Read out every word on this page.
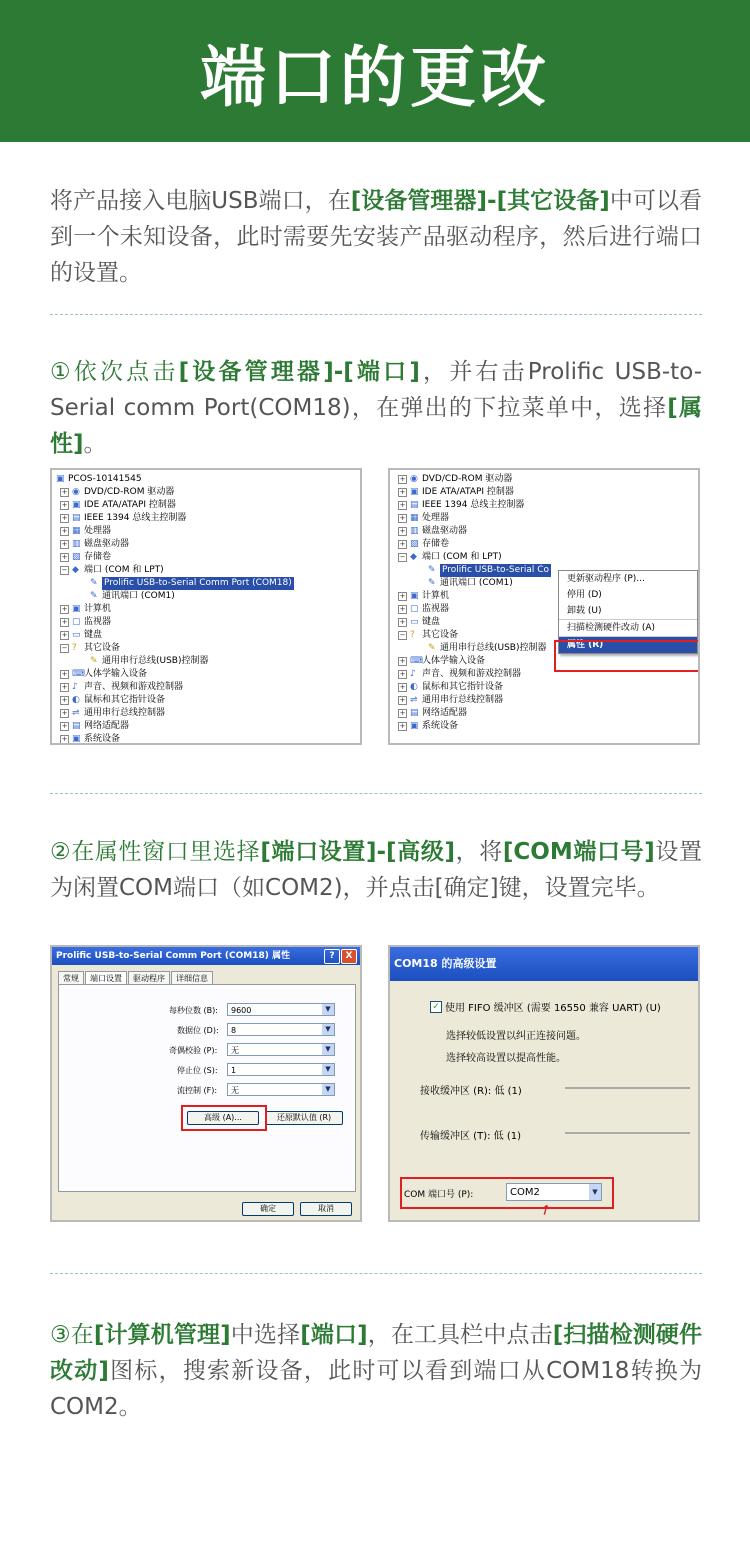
端口的更改
将产品接入电脑USB端口，在[设备管理器]-[其它设备]中可以看到一个未知设备，此时需要先安装产品驱动程序，然后进行端口的设置。
①依次点击[设备管理器]-[端口]，并右击Prolific USB-to-Serial comm Port(COM18)，在弹出的下拉菜单中，选择[属性]。
▣ PCOS-10141545
+ ◉ DVD/CD-ROM 驱动器
+ ▣ IDE ATA/ATAPI 控制器
+ ▤ IEEE 1394 总线主控制器
+ ▦ 处理器
+ ▥ 磁盘驱动器
+ ▧ 存储卷
− ◆ 端口 (COM 和 LPT)
✎ Prolific USB-to-Serial Comm Port (COM18)
✎ 通讯端口 (COM1)
+ ▣ 计算机
+ ▢ 监视器
+ ▭ 键盘
− ? 其它设备
✎ 通用串行总线(USB)控制器
+ ⌨ 人体学输入设备
+ ♪ 声音、视频和游戏控制器
+ ◐ 鼠标和其它指针设备
+ ⇌ 通用串行总线控制器
+ ▤ 网络适配器
+ ▣ 系统设备
+ ◉ DVD/CD-ROM 驱动器
+ ▣ IDE ATA/ATAPI 控制器
+ ▤ IEEE 1394 总线主控制器
+ ▦ 处理器
+ ▥ 磁盘驱动器
+ ▧ 存储卷
− ◆ 端口 (COM 和 LPT)
✎ Prolific USB-to-Serial Co
✎ 通讯端口 (COM1)
+ ▣ 计算机
+ ▢ 监视器
+ ▭ 键盘
− ? 其它设备
✎ 通用串行总线(USB)控制器
+ ⌨ 人体学输入设备
+ ♪ 声音、视频和游戏控制器
+ ◐ 鼠标和其它指针设备
+ ⇌ 通用串行总线控制器
+ ▤ 网络适配器
+ ▣ 系统设备
更新驱动程序 (P)...
停用 (D)
卸载 (U)
扫描检测硬件改动 (A)
属性 (R)
②在属性窗口里选择[端口设置]-[高级]，将[COM端口号]设置为闲置COM端口（如COM2)，并点击[确定]键，设置完毕。
Prolific USB-to-Serial Comm Port (COM18) 属性	?	X
常规 端口设置 驱动程序 详细信息
每秒位数 (B):	9600	▼
数据位 (D):	8	▼
奇偶校验 (P):	无	▼
停止位 (S):	1	▼
流控制 (F):	无	▼
高级 (A)...	还原默认值 (R)
确定	取消
COM18 的高级设置
✓ 使用 FIFO 缓冲区 (需要 16550 兼容 UART) (U)
选择较低设置以纠正连接问题。
选择较高设置以提高性能。
接收缓冲区 (R): 低 (1)
传输缓冲区 (T): 低 (1)
COM 端口号 (P):	COM2	▼
➚
③在[计算机管理]中选择[端口]，在工具栏中点击[扫描检测硬件改动]图标，搜索新设备，此时可以看到端口从COM18转换为COM2。
